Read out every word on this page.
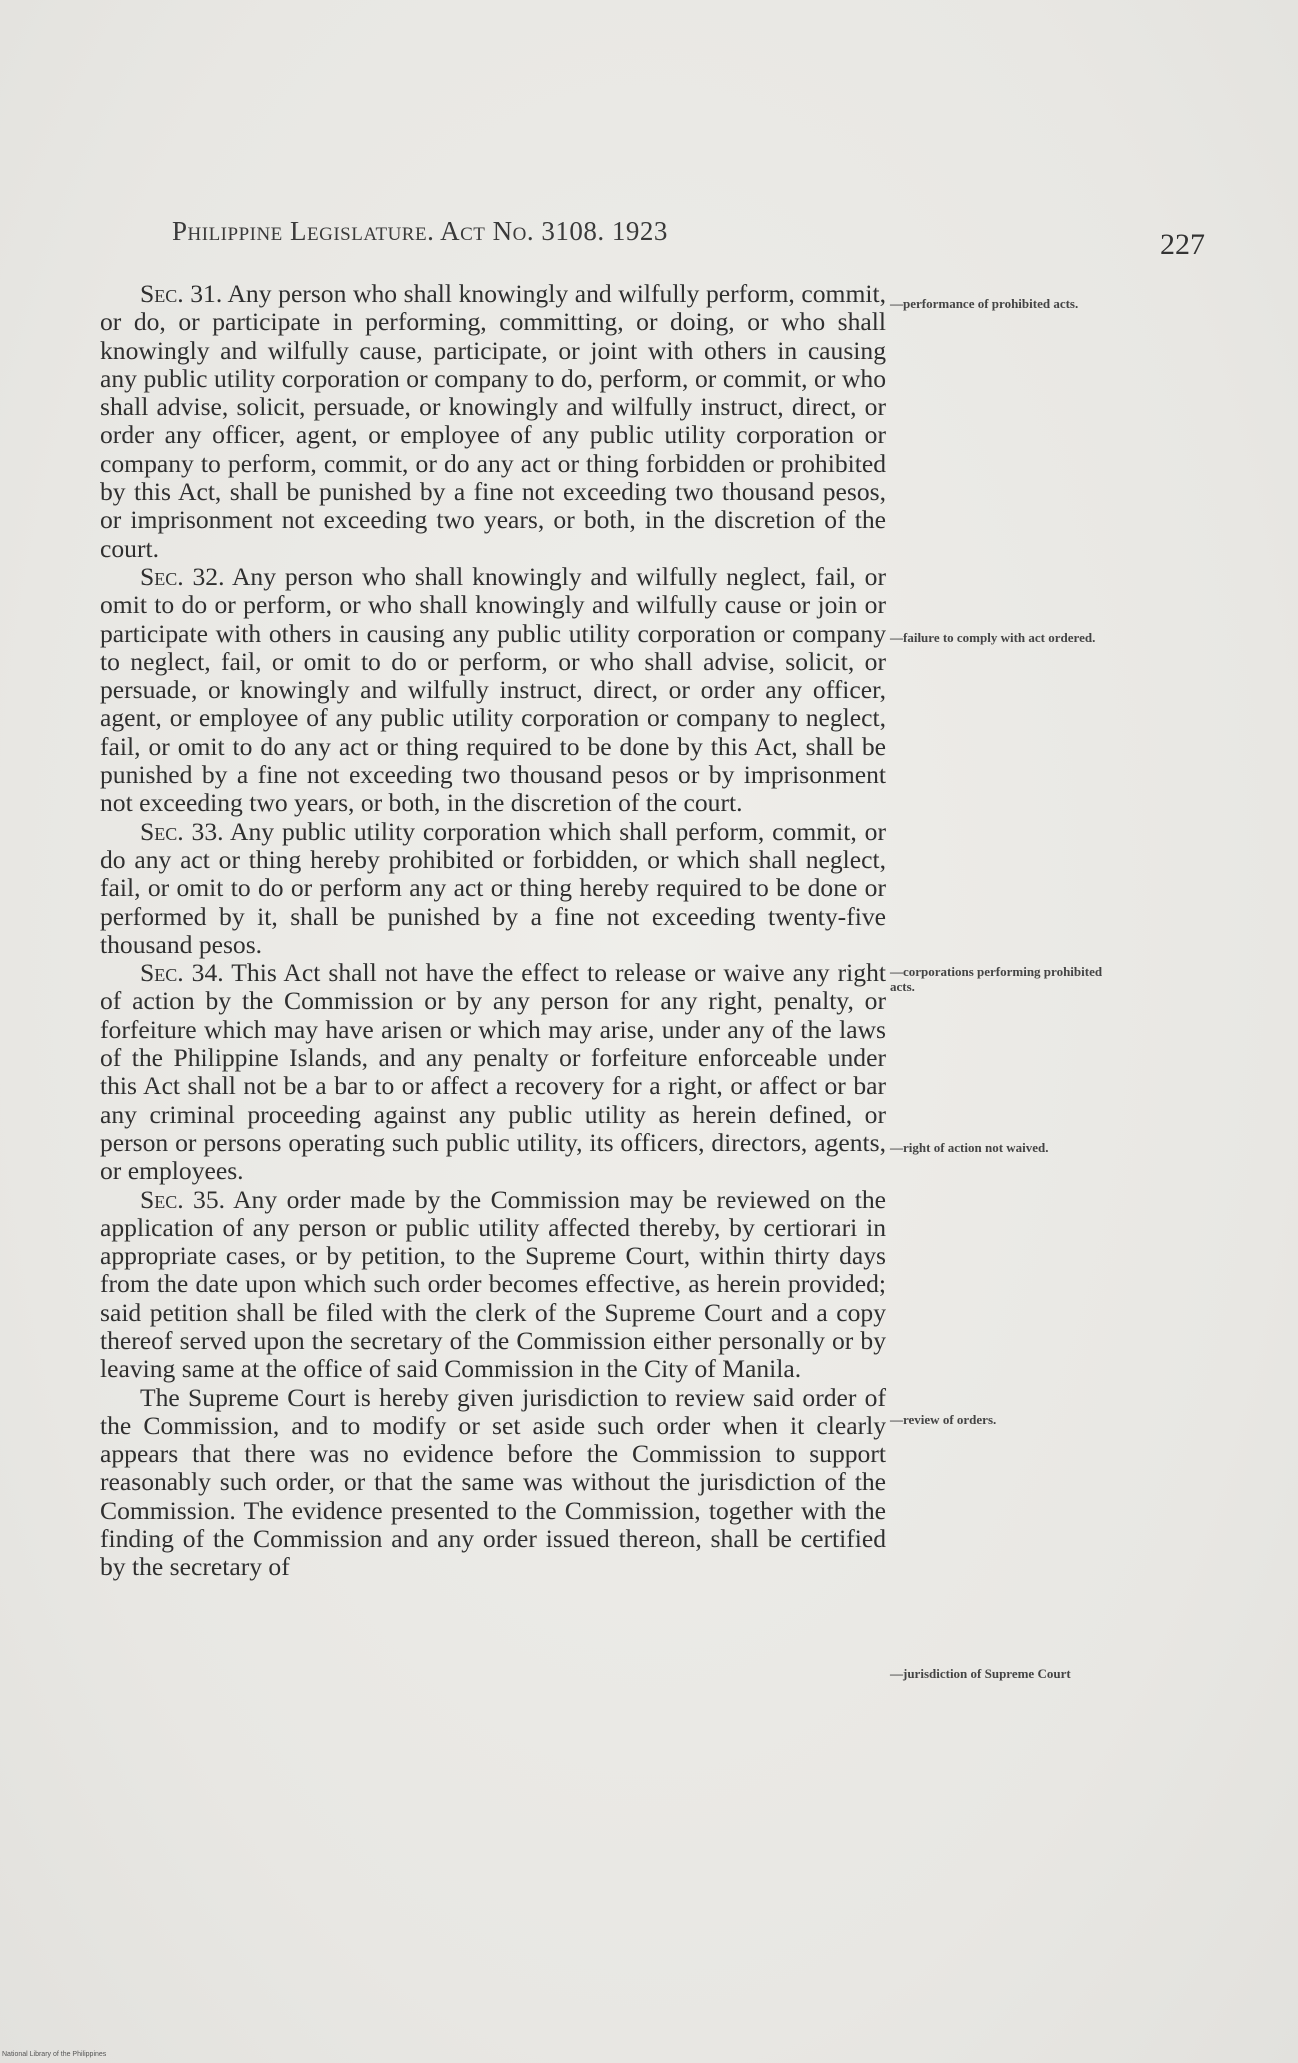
Philippine Legislature. Act No. 3108. 1923	227

Sec. 31. Any person who shall knowingly and wilfully perform, commit, or do, or participate in performing, committing, or doing, or who shall knowingly and wilfully cause, participate, or joint with others in causing any public utility corporation or company to do, perform, or commit, or who shall advise, solicit, persuade, or knowingly and wilfully instruct, direct, or order any officer, agent, or employee of any public utility corporation or company to perform, commit, or do any act or thing forbidden or prohibited by this Act, shall be punished by a fine not exceeding two thousand pesos, or imprisonment not exceeding two years, or both, in the discretion of the court.

Sec. 32. Any person who shall knowingly and wilfully neglect, fail, or omit to do or perform, or who shall knowingly and wilfully cause or join or participate with others in causing any public utility corporation or company to neglect, fail, or omit to do or perform, or who shall advise, solicit, or persuade, or knowingly and wilfully instruct, direct, or order any officer, agent, or employee of any public utility corporation or company to neglect, fail, or omit to do any act or thing required to be done by this Act, shall be punished by a fine not exceeding two thousand pesos or by imprisonment not exceeding two years, or both, in the discretion of the court.

Sec. 33. Any public utility corporation which shall perform, commit, or do any act or thing hereby prohibited or forbidden, or which shall neglect, fail, or omit to do or perform any act or thing hereby required to be done or performed by it, shall be punished by a fine not exceeding twenty-five thousand pesos.

Sec. 34. This Act shall not have the effect to release or waive any right of action by the Commission or by any person for any right, penalty, or forfeiture which may have arisen or which may arise, under any of the laws of the Philippine Islands, and any penalty or forfeiture enforceable under this Act shall not be a bar to or affect a recovery for a right, or affect or bar any criminal proceeding against any public utility as herein defined, or person or persons operating such public utility, its officers, directors, agents, or employees.

Sec. 35. Any order made by the Commission may be reviewed on the application of any person or public utility affected thereby, by certiorari in appropriate cases, or by petition, to the Supreme Court, within thirty days from the date upon which such order becomes effective, as herein provided; said petition shall be filed with the clerk of the Supreme Court and a copy thereof served upon the secretary of the Commission either personally or by leaving same at the office of said Commission in the City of Manila.

The Supreme Court is hereby given jurisdiction to review said order of the Commission, and to modify or set aside such order when it clearly appears that there was no evidence before the Commission to support reasonably such order, or that the same was without the jurisdiction of the Commission. The evidence presented to the Commission, together with the finding of the Commission and any order issued thereon, shall be certified by the secretary of

—performance of prohibited acts.
—failure to comply with act ordered.
—corporations performing prohibited acts.
—right of action not waived.
—review of orders.
—jurisdiction of Supreme Court
National Library of the Philippines
